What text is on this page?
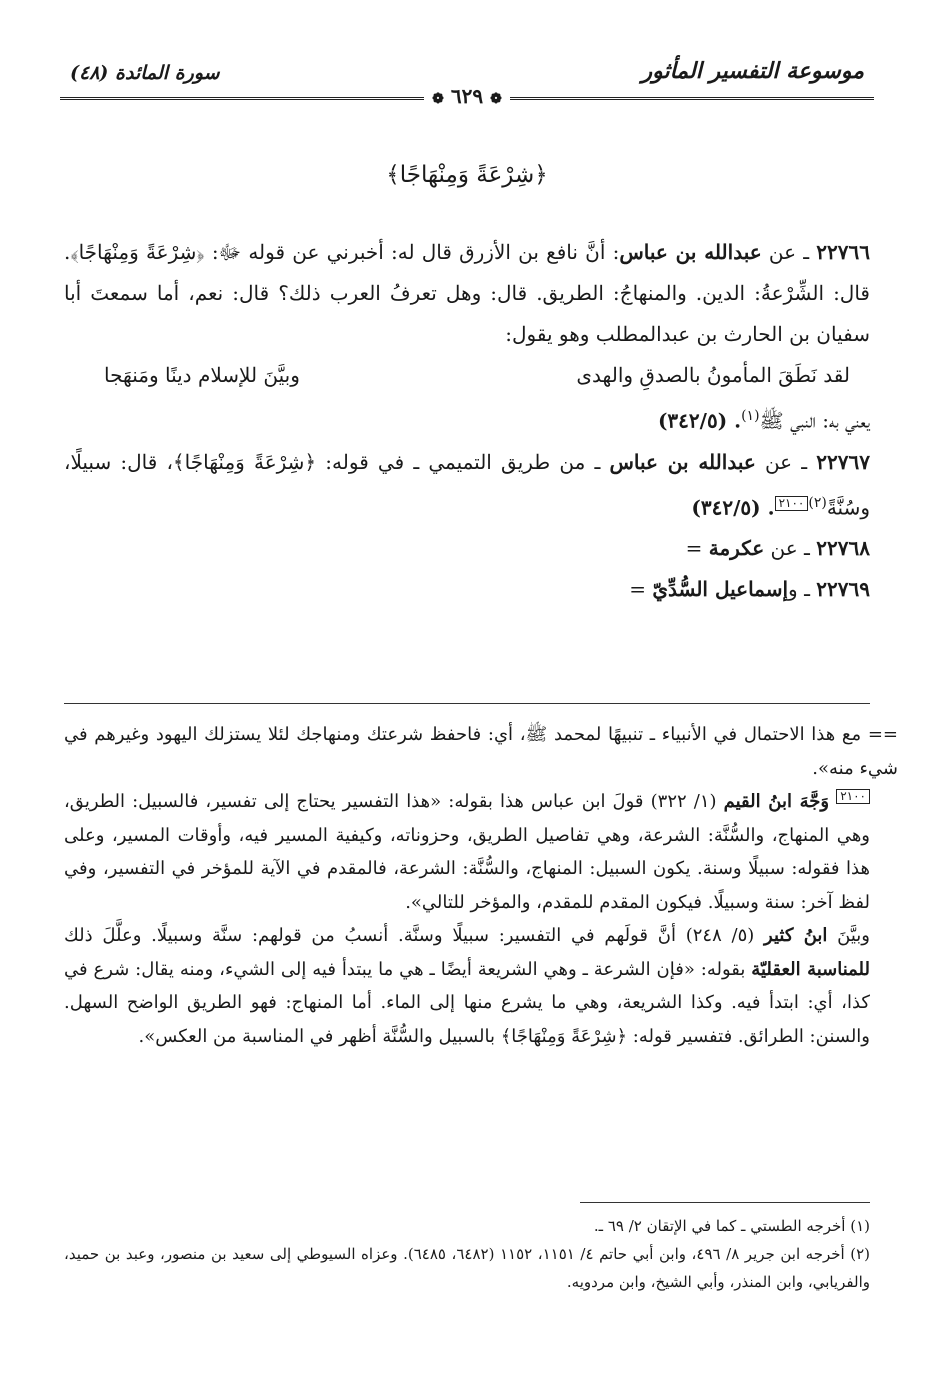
موسوعة التفسير المأثور
سورة المائدة (٤٨)
❁ ٦٢٩ ❁
﴿شِرْعَةً وَمِنْهَاجًا﴾

٢٢٧٦٦ ـ عن عبدالله بن عباس: أنَّ نافع بن الأزرق قال له: أخبرني عن قوله ﷻ: ﴿شِرْعَةً وَمِنْهَاجًا﴾. قال: الشِّرْعةُ: الدين. والمنهاجُ: الطريق. قال: وهل تعرفُ العرب ذلك؟ قال: نعم، أما سمعتَ أبا سفيان بن الحارث بن عبدالمطلب وهو يقول:

لقد نَطَقَ المأمونُ بالصدقِ والهدى
وبيَّنَ للإسلام دينًا ومَنهَجا

يعني به: النبي ﷺ$^{(١)}$. (٣٤٢/٥)

٢٢٧٦٧ ـ عن عبدالله بن عباس ـ من طريق التميمي ـ في قوله: ﴿شِرْعَةً وَمِنْهَاجًا﴾، قال: سبيلًا، وسُنَّةً$^{(٢)}$٢١٠٠. (٣٤٢/٥)

٢٢٧٦٨ ـ عن عكرمة =

٢٢٧٦٩ ـ وإسماعيل السُّدِّيّ =

== مع هذا الاحتمال في الأنبياء ـ تنبيهًا لمحمد ﷺ، أي: فاحفظ شرعتك ومنهاجك لئلا يستزلك اليهود وغيرهم في شيء منه».

٢١٠٠ وَجَّهَ ابنُ القيم (١/ ٣٢٢) قولَ ابن عباس هذا بقوله: «هذا التفسير يحتاج إلى تفسير، فالسبيل: الطريق، وهي المنهاج، والسُّنَّة: الشرعة، وهي تفاصيل الطريق، وحزوناته، وكيفية المسير فيه، وأوقات المسير، وعلى هذا فقوله: سبيلًا وسنة. يكون السبيل: المنهاج، والسُّنَّة: الشرعة، فالمقدم في الآية للمؤخر في التفسير، وفي لفظ آخر: سنة وسبيلًا. فيكون المقدم للمقدم، والمؤخر للتالي».

وبيَّنَ ابنُ كثير (٥/ ٢٤٨) أنَّ قولَهم في التفسير: سبيلًا وسنَّة. أنسبُ من قولهم: سنَّة وسبيلًا. وعلَّلَ ذلك للمناسبة العقليّة بقوله: «فإن الشرعة ـ وهي الشريعة أيضًا ـ هي ما يبتدأ فيه إلى الشيء، ومنه يقال: شرع في كذا، أي: ابتدأ فيه. وكذا الشريعة، وهي ما يشرع منها إلى الماء. أما المنهاج: فهو الطريق الواضح السهل. والسنن: الطرائق. فتفسير قوله: ﴿شِرْعَةً وَمِنْهَاجًا﴾ بالسبيل والسُّنَّة أظهر في المناسبة من العكس».

(١) أخرجه الطستي ـ كما في الإتقان ٢/ ٦٩ ـ.

(٢) أخرجه ابن جرير ٨/ ٤٩٦، وابن أبي حاتم ٤/ ١١٥١، ١١٥٢ (٦٤٨٢، ٦٤٨٥). وعزاه السيوطي إلى سعيد بن منصور، وعبد بن حميد، والفريابي، وابن المنذر، وأبي الشيخ، وابن مردويه.
